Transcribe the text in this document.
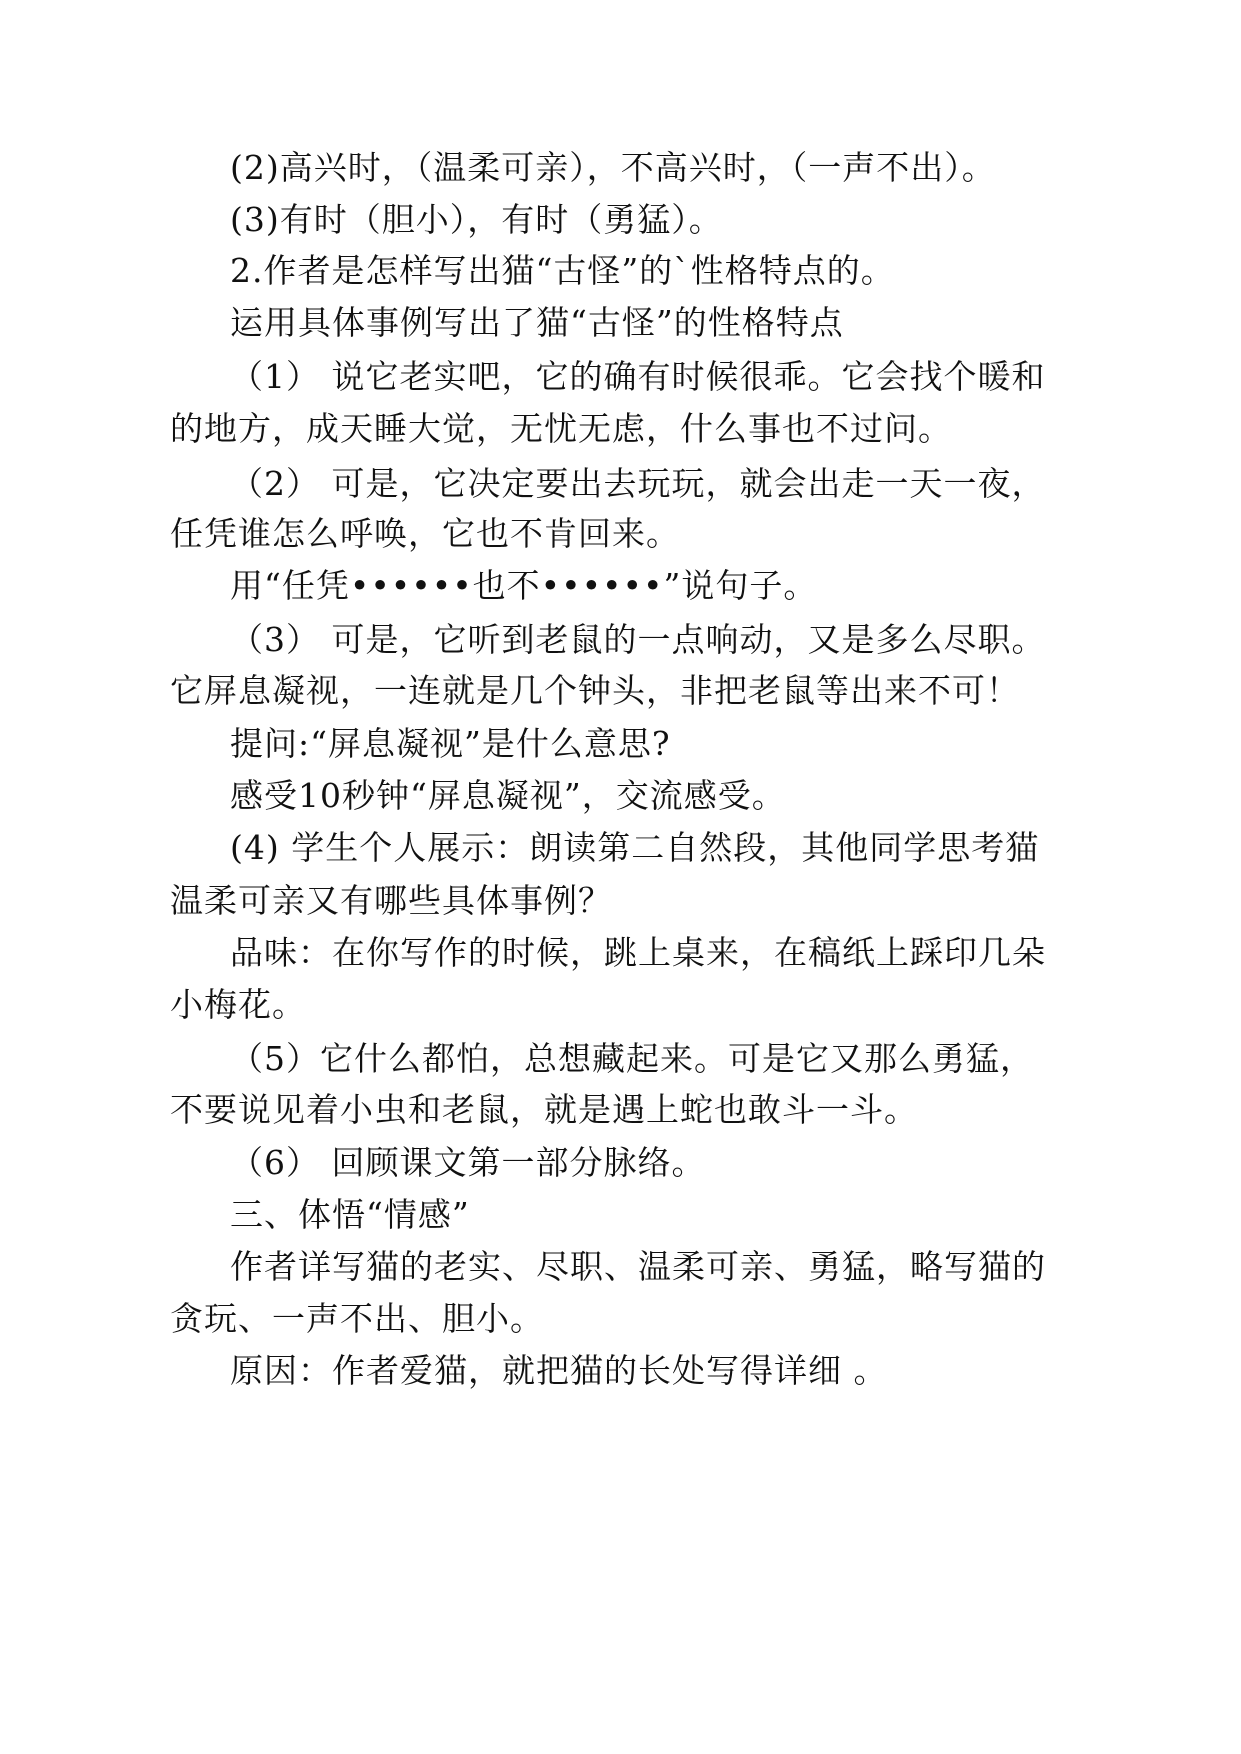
(2)高兴时，（温柔可亲），不高兴时，（一声不出）。
(3)有时（胆小），有时（勇猛）。
2.作者是怎样写出猫“古怪”的`性格特点的。
运用具体事例写出了猫“古怪”的性格特点
（1） 说它老实吧，它的确有时候很乖。它会找个暖和
的地方，成天睡大觉，无忧无虑，什么事也不过问。
（2） 可是，它决定要出去玩玩，就会出走一天一夜，
任凭谁怎么呼唤，它也不肯回来。
用“任凭••••••也不••••••”说句子。
（3） 可是，它听到老鼠的一点响动，又是多么尽职。
它屏息凝视，一连就是几个钟头，非把老鼠等出来不可！
提问:“屏息凝视”是什么意思?
感受10秒钟“屏息凝视”，交流感受。
(4) 学生个人展示：朗读第二自然段，其他同学思考猫
温柔可亲又有哪些具体事例？
品味：在你写作的时候，跳上桌来，在稿纸上踩印几朵
小梅花。
（5）它什么都怕，总想藏起来。可是它又那么勇猛，
不要说见着小虫和老鼠，就是遇上蛇也敢斗一斗。
（6） 回顾课文第一部分脉络。
三、体悟“情感”
作者详写猫的老实、尽职、温柔可亲、勇猛，略写猫的
贪玩、一声不出、胆小。
原因：作者爱猫，就把猫的长处写得详细 。
